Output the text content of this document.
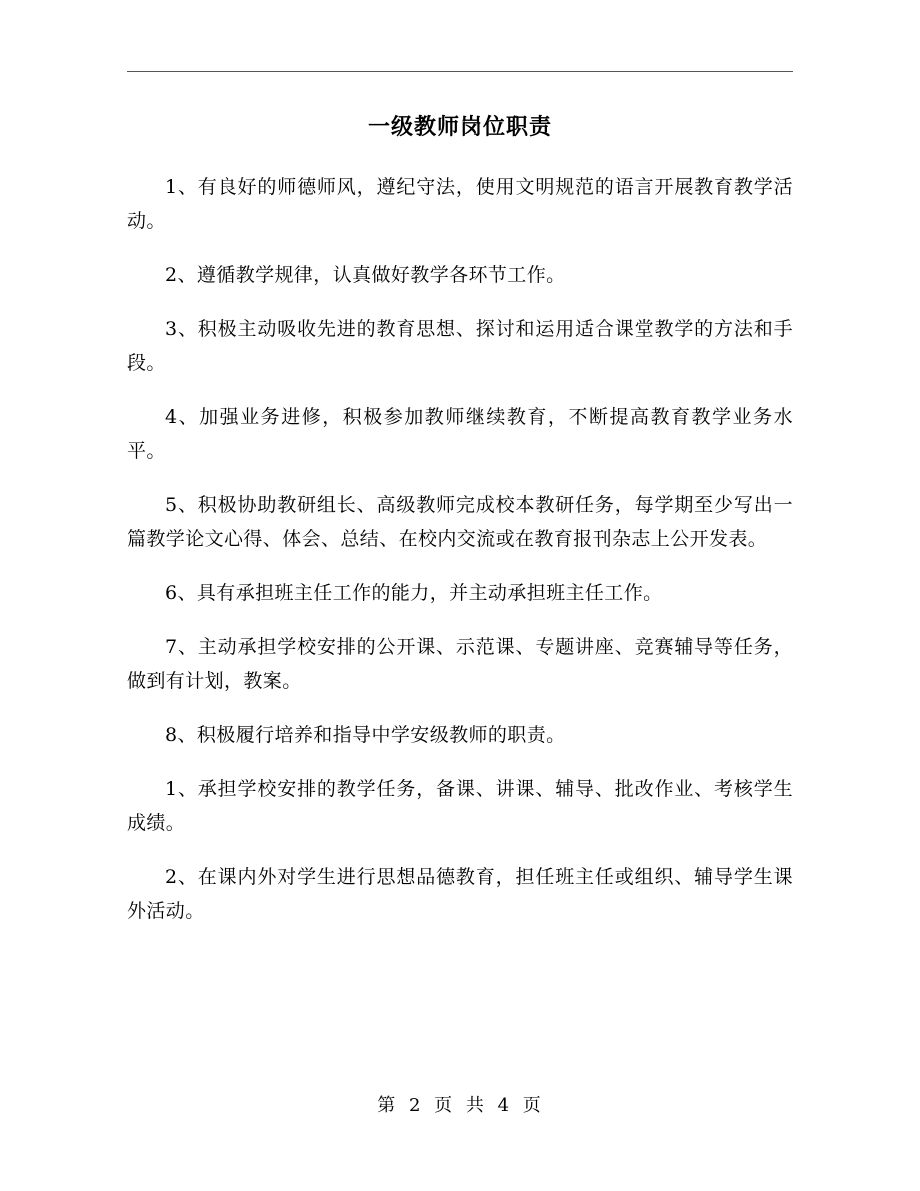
一级教师岗位职责

1、有良好的师德师风，遵纪守法，使用文明规范的语言开展教育教学活动。

2、遵循教学规律，认真做好教学各环节工作。

3、积极主动吸收先进的教育思想、探讨和运用适合课堂教学的方法和手段。

4、加强业务进修，积极参加教师继续教育，不断提高教育教学业务水平。

5、积极协助教研组长、高级教师完成校本教研任务，每学期至少写出一篇教学论文心得、体会、总结、在校内交流或在教育报刊杂志上公开发表。

6、具有承担班主任工作的能力，并主动承担班主任工作。

7、主动承担学校安排的公开课、示范课、专题讲座、竞赛辅导等任务，做到有计划，教案。

8、积极履行培养和指导中学安级教师的职责。

1、承担学校安排的教学任务，备课、讲课、辅导、批改作业、考核学生成绩。

2、在课内外对学生进行思想品德教育，担任班主任或组织、辅导学生课外活动。

第 2 页 共 4 页
